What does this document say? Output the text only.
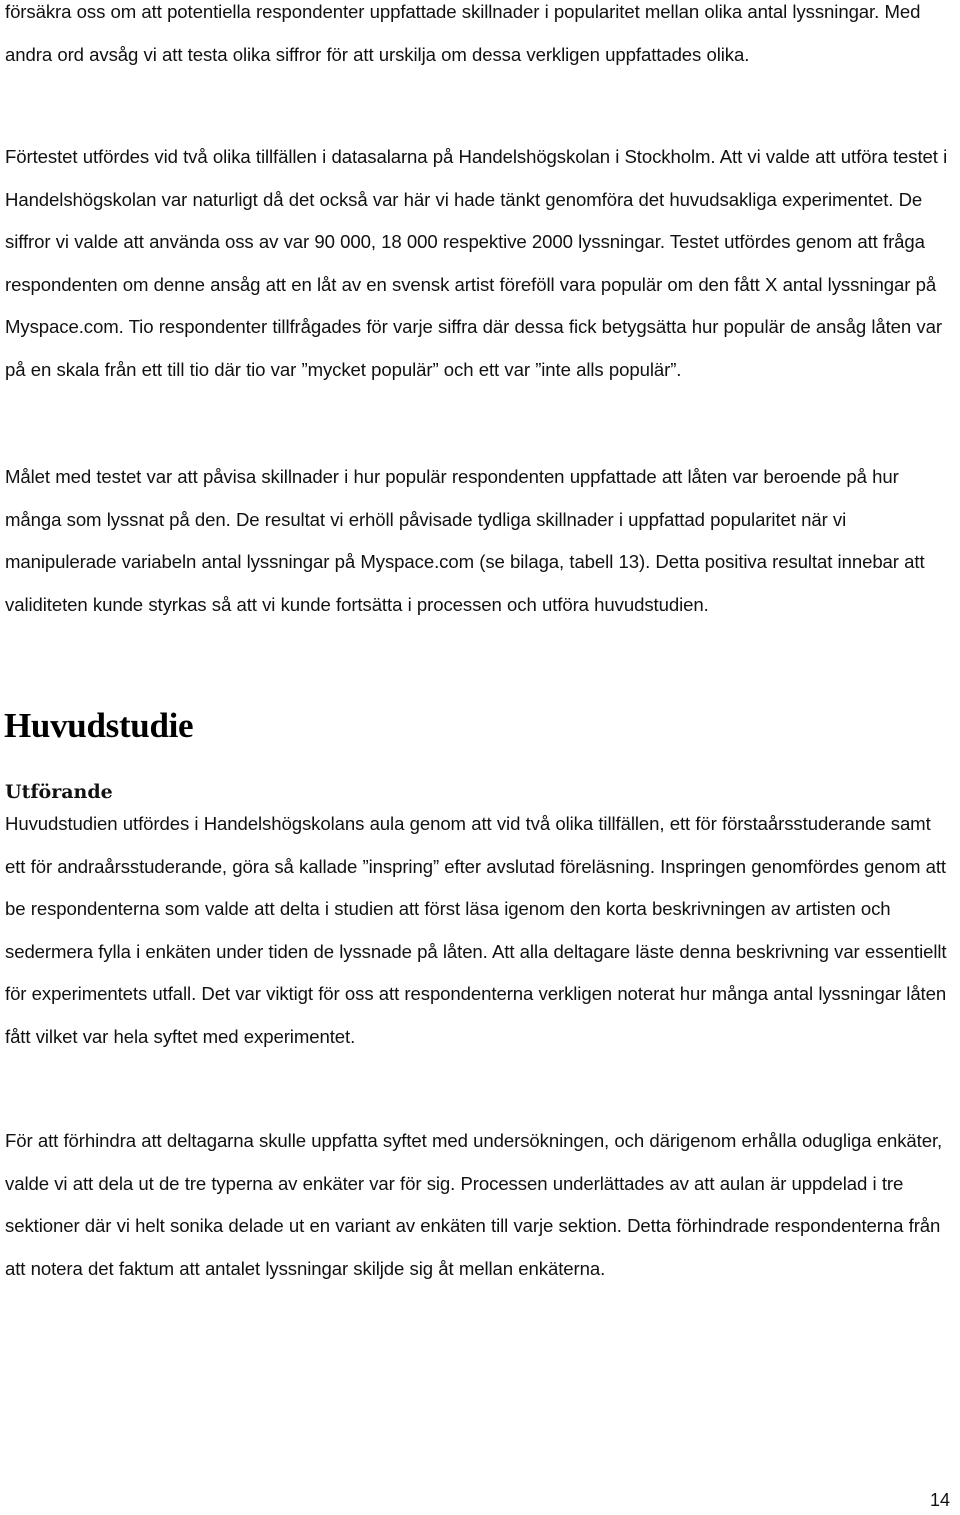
försäkra oss om att potentiella respondenter uppfattade skillnader i popularitet mellan olika antal lyssningar. Med andra ord avsåg vi att testa olika siffror för att urskilja om dessa verkligen uppfattades olika.

Förtestet utfördes vid två olika tillfällen i datasalarna på Handelshögskolan i Stockholm. Att vi valde att utföra testet i Handelshögskolan var naturligt då det också var här vi hade tänkt genomföra det huvudsakliga experimentet. De siffror vi valde att använda oss av var 90 000, 18 000 respektive 2000 lyssningar. Testet utfördes genom att fråga respondenten om denne ansåg att en låt av en svensk artist föreföll vara populär om den fått X antal lyssningar på Myspace.com. Tio respondenter tillfrågades för varje siffra där dessa fick betygsätta hur populär de ansåg låten var på en skala från ett till tio där tio var ”mycket populär” och ett var ”inte alls populär”.

Målet med testet var att påvisa skillnader i hur populär respondenten uppfattade att låten var beroende på hur många som lyssnat på den. De resultat vi erhöll påvisade tydliga skillnader i uppfattad popularitet när vi manipulerade variabeln antal lyssningar på Myspace.com (se bilaga, tabell 13). Detta positiva resultat innebar att validiteten kunde styrkas så att vi kunde fortsätta i processen och utföra huvudstudien.

Huvudstudie
Utförande

Huvudstudien utfördes i Handelshögskolans aula genom att vid två olika tillfällen, ett för förstaårsstuderande samt ett för andraårsstuderande, göra så kallade ”inspring” efter avslutad föreläsning. Inspringen genomfördes genom att be respondenterna som valde att delta i studien att först läsa igenom den korta beskrivningen av artisten och sedermera fylla i enkäten under tiden de lyssnade på låten. Att alla deltagare läste denna beskrivning var essentiellt för experimentets utfall. Det var viktigt för oss att respondenterna verkligen noterat hur många antal lyssningar låten fått vilket var hela syftet med experimentet.

För att förhindra att deltagarna skulle uppfatta syftet med undersökningen, och därigenom erhålla odugliga enkäter, valde vi att dela ut de tre typerna av enkäter var för sig. Processen underlättades av att aulan är uppdelad i tre sektioner där vi helt sonika delade ut en variant av enkäten till varje sektion. Detta förhindrade respondenterna från att notera det faktum att antalet lyssningar skiljde sig åt mellan enkäterna.

14
